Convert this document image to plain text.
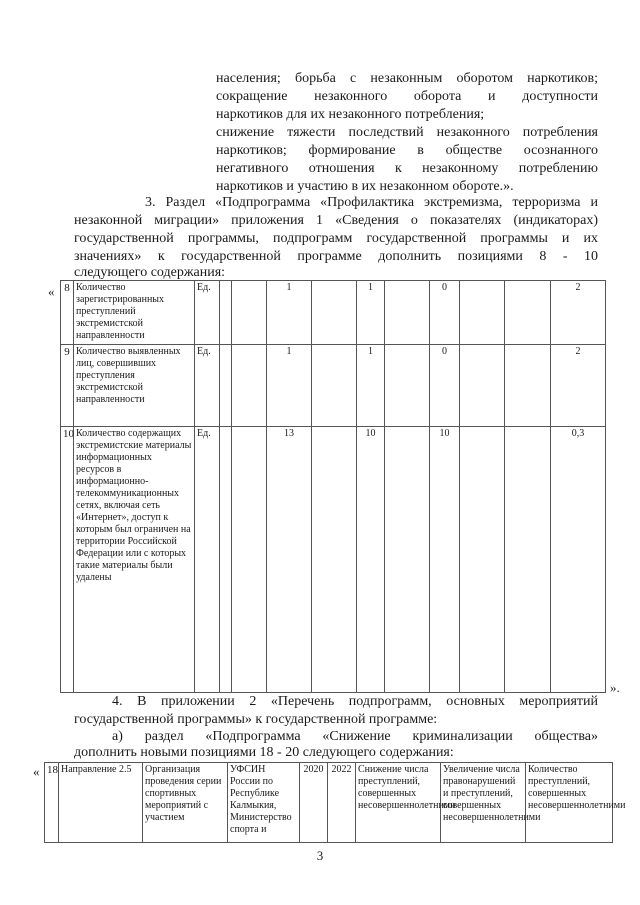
населения; борьба с незаконным оборотом наркотиков;
сокращение незаконного оборота и доступности
наркотиков для их незаконного потребления;
снижение тяжести последствий незаконного потребления
наркотиков; формирование в обществе осознанного
негативного отношения к незаконному потреблению
наркотиков и участию в их незаконном обороте.».
3. Раздел «Подпрограмма «Профилактика экстремизма, терроризма и
незаконной миграции» приложения 1 «Сведения о показателях (индикаторах)
государственной программы, подпрограмм государственной программы и их
значениях» к государственной программе дополнить позициями 8 - 10
следующего содержания:
« 8	Количество зарегистрированных преступлений экстремистской направленности	Ед.			1		1		0			2
9	Количество выявленных лиц, совершивших преступления экстремистской направленности	Ед.			1		1		0			2
10	Количество содержащих экстремистские материалы информационных ресурсов в информационно-телекоммуникационных сетях, включая сеть «Интернет», доступ к которым был ограничен на территории Российской Федерации или с которых такие материалы были удалены	Ед.			13		10		10			0,3
».
4. В приложении 2 «Перечень подпрограмм, основных мероприятий
государственной программы» к государственной программе:
а) раздел «Подпрограмма «Снижение криминализации общества»
дополнить новыми позициями 18 - 20 следующего содержания:
« 18	Направление 2.5	Организация проведения серии спортивных мероприятий с участием	УФСИН России по Республике Калмыкия, Министерство спорта и	2020	2022	Снижение числа преступлений, совершенных несовершеннолетними	Увеличение числа правонарушений и преступлений, совершенных несовершеннолетними	Количество преступлений, совершенных несовершеннолетними
3
